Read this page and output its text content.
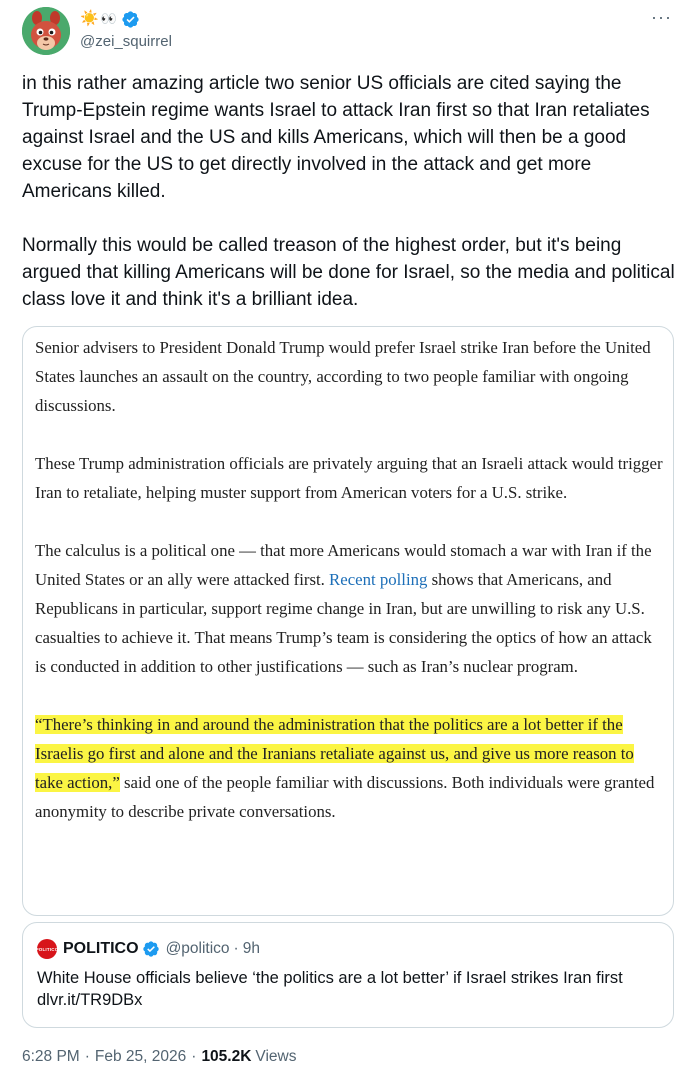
☀️ 👀
@zei_squirrel
···

in this rather amazing article two senior US officials are cited saying the Trump-Epstein regime wants Israel to attack Iran first so that Iran retaliates against Israel and the US and kills Americans, which will then be a good excuse for the US to get directly involved in the attack and get more Americans killed.

Normally this would be called treason of the highest order, but it's being argued that killing Americans will be done for Israel, so the media and political class love it and think it's a brilliant idea.

Senior advisers to President Donald Trump would prefer Israel strike Iran before the United States launches an assault on the country, according to two people familiar with ongoing discussions.

These Trump administration officials are privately arguing that an Israeli attack would trigger Iran to retaliate, helping muster support from American voters for a U.S. strike.

The calculus is a political one — that more Americans would stomach a war with Iran if the United States or an ally were attacked first. Recent polling shows that Americans, and Republicans in particular, support regime change in Iran, but are unwilling to risk any U.S. casualties to achieve it. That means Trump’s team is considering the optics of how an attack is conducted in addition to other justifications — such as Iran’s nuclear program.

“There’s thinking in and around the administration that the politics are a lot better if the Israelis go first and alone and the Iranians retaliate against us, and give us more reason to take action,” said one of the people familiar with discussions. Both individuals were granted anonymity to describe private conversations.

POLITICO POLITICO @politico · 9h
White House officials believe ‘the politics are a lot better’ if Israel strikes Iran first dlvr.it/TR9DBx
6:28 PM · Feb 25, 2026 · 105.2K Views
